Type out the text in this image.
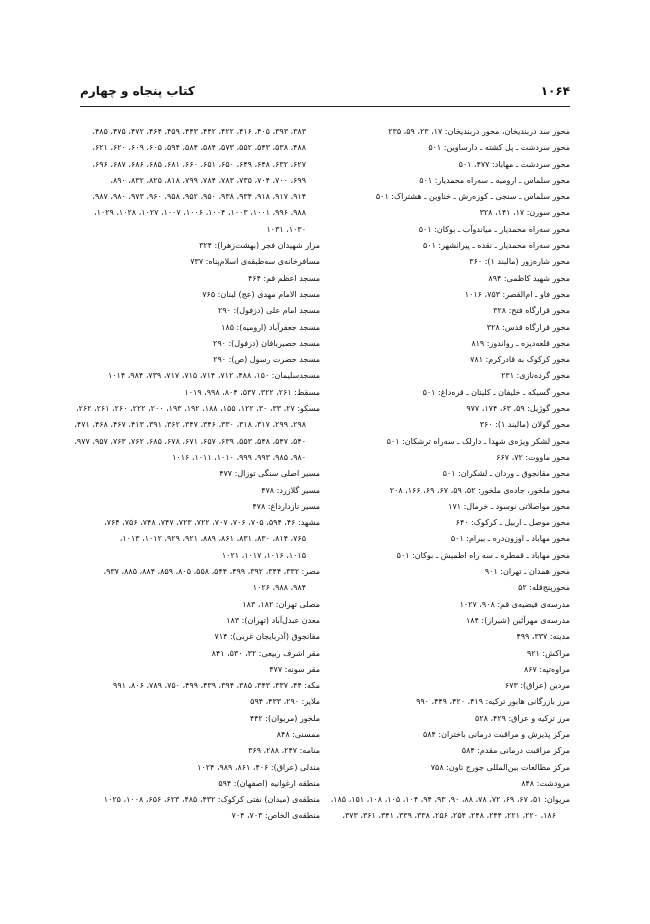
۱۰۶۴
کتاب پنجاه و چهارم
محور سد دربندیخان، محور دربندیخان: ۱۷، ۲۳، ۵۹، ۲۳۵
محور سردشت ـ پل کشته ـ دارساوین: ۵۰۱
محور سردشت ـ مهاباد: ۴۷۷، ۵۰۱
محور سلماس ـ ارومیه ـ سه‌راه محمدیار: ۵۰۱
محور سلماس ـ سنجی ـ کوزه‌رش ـ خناوین ـ هشتراک: ۵۰۱
محور سورن: ۱۷، ۱۴۱، ۳۲۸
محور سه‌راه محمدیار ـ میاندوآب ـ بوکان: ۵۰۱
محور سه‌راه محمدیار ـ نقده ـ پیرانشهر: ۵۰۱
محور شاره‌زور (مالبند ۱): ۳۶۰
محور شهید کاظمی: ۸۹۴
محور فاو ـ ام‌القصر: ۷۵۳، ۱۰۱۶
محور قرارگاه فتح: ۳۲۸
محور قرارگاه قدس: ۳۲۸
محور قلعه‌دیزه ـ رواندوز: ۸۱۹
محور کرکوک به قادرکرم: ۷۸۱
محور گرده‌نازی: ۲۳۱
محور گسیکه ـ خلیفان ـ کلیتان ـ قره‌داغ: ۵۰۱
محور گوژیل: ۵۹، ۶۳، ۱۷۴، ۹۷۷
محور گولان (مالبند ۱): ۳۶۰
محور لشکر ویژه‌ی شهدا ـ دارلک ـ سه‌راه ترشکان: ۵۰۱
محور ماووت: ۷۲، ۶۶۷
محور مقانجوق ـ وردان ـ لشکران: ۵۰۱
محور ملخور، جاده‌ی ملخور: ۵۲، ۵۹، ۶۷، ۶۹، ۱۶۶، ۲۰۸
محور مواصلاتی نوسود ـ خرمال: ۱۷۱
محور موصل ـ اربیل ـ کرکوک: ۶۴۰
محور مهاباد ـ اوزون‌دره ـ بیرام: ۵۰۱
محور مهاباد ـ قمطره ـ سه راه اطمیش ـ بوکان: ۵۰۱
محور همدان ـ تهران: ۹۰۱
محورپنج‌قله: ۵۲
مدرسه‌ی فیضیه‌ی قم: ۹۰۸، ۱۰۲۷
مدرسه‌ی مهرآئین (شیراز): ۱۸۴
مدینه: ۳۳۷، ۴۹۹
مراکش: ۹۲۱
مراوه‌تپه: ۸۶۷
مردین (عراق): ۶۷۳
مرز بازرگانی هابور ترکیه: ۴۱۹، ۴۲۰، ۴۴۹، ۹۹۰
مرز ترکیه و عراق: ۴۲۹، ۵۲۸
مرکز پذیرش و مراقبت درمانی باختران: ۵۸۴
مرکز مراقبت درمانی مقدم: ۵۸۴
مرکز مطالعات بین‌المللی جورج تاون: ۷۵۸
مرودشت: ۸۴۸
مریوان: ۵۱، ۶۷، ۶۹، ۷۲، ۷۸، ۸۸، ۹۰، ۹۳، ۹۴، ۱۰۴، ۱۰۵، ۱۰۸، ۱۵۱، ۱۸۵،
۱۸۶، ۲۲۰، ۲۲۱، ۲۴۴، ۲۴۸، ۲۵۴، ۲۵۶، ۳۳۸، ۳۳۹، ۳۴۱، ۳۶۱، ۳۷۳،
۳۸۳، ۳۹۳، ۴۰۵، ۴۱۶، ۴۲۲، ۴۴۲، ۴۴۳، ۴۵۹، ۴۶۴، ۴۷۲، ۴۷۵، ۴۸۵،
۴۸۸، ۵۳۸، ۵۴۳، ۵۵۲، ۵۷۳، ۵۸۴، ۵۸۴، ۵۹۴، ۶۰۵، ۶۰۹، ۶۲۰، ۶۲۱،
۶۲۷، ۶۳۲، ۶۴۸، ۶۴۹، ۶۵۰، ۶۵۱، ۶۶۰، ۶۸۱، ۶۸۵، ۶۸۶، ۶۸۷، ۶۹۶،
۶۹۹، ۷۰۰، ۷۰۴، ۷۳۵، ۷۸۳، ۷۸۴، ۷۹۹، ۸۱۸، ۸۲۵، ۸۳۲، ۸۹۰،
۹۱۴، ۹۱۷، ۹۱۸، ۹۳۴، ۹۳۸، ۹۵۰، ۹۵۲، ۹۵۸، ۹۶۰، ۹۷۳، ۹۸۰، ۹۸۷،
۹۸۸، ۹۹۶، ۱۰۰۱، ۱۰۰۳، ۱۰۰۴، ۱۰۰۶، ۱۰۰۷، ۱۰۲۷، ۱۰۲۸، ۱۰۲۹،
۱۰۳۰، ۱۰۳۱
مزار شهیدان فجر (بهشت‌زهرا): ۳۲۴
مسافرخانه‌ی سه‌طبقه‌ی اسلام‌پناه: ۷۳۷
مسجد اعظم قم: ۴۶۴
مسجد الامام مهدی (عج) لبنان: ۷۶۵
مسجد امام علی (دزفول): ۲۹۰
مسجد جعفرآباد (ارومیه): ۱۸۵
مسجد حصیربافان (دزفول): ۲۹۰
مسجد حضرت رسول (ص): ۲۹۰
مسجدسلیمان: ۱۵۰، ۴۸۸، ۷۱۲، ۷۱۴، ۷۱۵، ۷۱۷، ۷۳۹، ۹۸۴، ۱۰۱۴
مسقط: ۲۶۱، ۳۲۲، ۵۳۷، ۸۰۴، ۹۹۸، ۱۰۱۹
مسکو: ۲۷، ۳۳، ۳۰، ۱۲۲، ۱۵۵، ۱۸۸، ۱۹۲، ۱۹۳، ۲۰۰، ۲۲۲، ۲۶۰، ۲۶۱، ۲۶۲،
۲۹۸، ۲۹۹، ۳۱۷، ۳۱۸، ۳۳۰، ۳۴۶، ۳۴۷، ۳۶۲، ۳۹۱، ۴۱۳، ۴۶۷، ۴۶۸، ۴۷۱،
۵۴۰، ۵۴۷، ۵۴۸، ۵۵۳، ۶۳۹، ۶۵۷، ۶۷۱، ۶۷۸، ۶۸۵، ۷۶۲، ۷۶۳، ۹۵۷، ۹۷۷،
۹۸۰، ۹۸۵، ۹۹۳، ۹۹۹، ۱۰۱۰، ۱۰۱۱، ۱۰۱۶
مسیر اصلی سنگی توزال: ۴۷۷
مسیر گلازرد: ۴۷۸
مسیر نازدارداغ: ۴۷۸
مشهد: ۴۶، ۵۹۴، ۷۰۵، ۷۰۶، ۷۰۷، ۷۲۲، ۷۲۳، ۷۴۷، ۷۴۸، ۷۵۶، ۷۶۴،
۷۶۵، ۸۱۴، ۸۳۰، ۸۳۱، ۸۶۱، ۸۸۹، ۹۲۱، ۹۲۹، ۱۰۱۲، ۱۰۱۳،
۱۰۱۵، ۱۰۱۶، ۱۰۱۷، ۱۰۲۱
مصر: ۳۳۲، ۳۴۴، ۳۹۲، ۴۹۹، ۵۴۴، ۵۵۸، ۸۰۵، ۸۵۹، ۸۸۴، ۸۸۵، ۹۳۷،
۹۸۴، ۹۸۸، ۱۰۲۶
مصلی تهران: ۱۸۲، ۱۸۳
معدن عبدل‌آباد (تهران): ۱۸۳
مقانجوق (آذربایجان غربی): ۷۱۴
مقر اشرف ربیعی: ۳۲، ۵۳۰، ۸۴۱
مقر سونه: ۴۷۷
مکه: ۴۴، ۳۳۷، ۳۴۳، ۳۸۵، ۳۹۴، ۴۳۹، ۴۹۹، ۷۵۰، ۷۸۹، ۸۰۶، ۹۹۱
ملایر: ۲۹۰، ۴۳۳، ۵۹۴
ملخور (مریوان): ۴۴۲
ممسنی: ۸۴۸
منامه: ۲۴۷، ۲۸۸، ۳۶۹
مندلی (عراق): ۴۰۶، ۸۶۱، ۹۸۹، ۱۰۲۴
منطقه ارغوانیه (اصفهان): ۵۹۴
منطقه‌ی (میدان) نفتی کرکوک: ۴۳۲، ۴۸۵، ۶۲۳، ۶۵۶، ۱۰۰۸، ۱۰۲۵
منطقه‌ی الخاص: ۷۰۳، ۷۰۴
